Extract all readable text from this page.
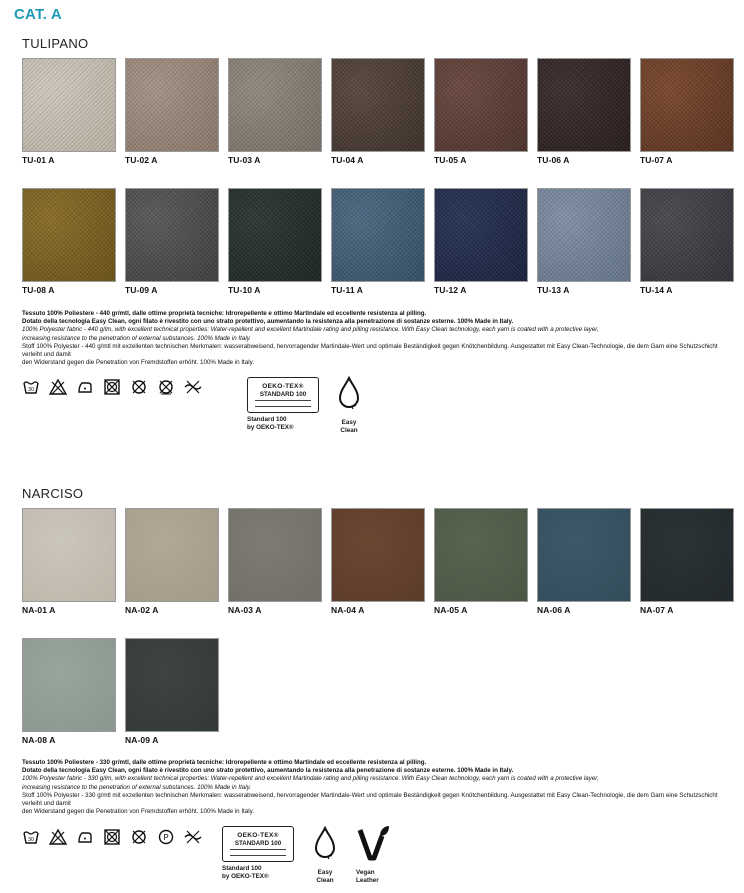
CAT. A
TULIPANO
TU-01 A	TU-02 A	TU-03 A	TU-04 A	TU-05 A	TU-06 A	TU-07 A
TU-08 A	TU-09 A	TU-10 A	TU-11 A	TU-12 A	TU-13 A	TU-14 A

Tessuto 100% Poliestere - 440 gr/mtl, dalle ottime proprietà tecniche: Idrorepellente e ottimo Martindale ed eccellente resistenza al pilling.

Dotato della tecnologia Easy Clean, ogni filato è rivestito con uno strato protettivo, aumentando la resistenza alla penetrazione di sostanze esterne. 100% Made in Italy.

100% Polyester fabric - 440 g/lm, with excellent technical properties: Water-repellent and excellent Martindale rating and pilling resistance. With Easy Clean technology, each yarn is coated with a protective layer,

increasing resistance to the penetration of external substances. 100% Made in Italy.

Stoff 100% Polyester - 440 g/mtl mit exzellenten technischen Merkmalen: wasserabweisend, hervorragender Martindale-Wert und optimale Beständigkeit gegen Knötchenbildung. Ausgestattet mit Easy Clean-Technologie, die dem Garn eine Schutzschicht verleiht und damit

den Widerstand gegen die Penetration von Fremdstoffen erhöht. 100% Made in Italy.

30	OEKO-TEX®
STANDARD 100
Standard 100
by OEKO-TEX®
Easy
Clean
NARCISO
NA-01 A	NA-02 A	NA-03 A	NA-04 A	NA-05 A	NA-06 A	NA-07 A
NA-08 A	NA-09 A

Tessuto 100% Poliestere - 330 gr/mtl, dalle ottime proprietà tecniche: Idrorepellente e ottimo Martindale ed eccellente resistenza al pilling.

Dotato della tecnologia Easy Clean, ogni filato è rivestito con uno strato protettivo, aumentando la resistenza alla penetrazione di sostanze esterne. 100% Made in Italy.

100% Polyester fabric - 330 g/lm, with excellent technical properties: Water-repellent and excellent Martindale rating and pilling resistance. With Easy Clean technology, each yarn is coated with a protective layer,

increasing resistance to the penetration of external substances. 100% Made in Italy.

Stoff 100% Polyester - 330 g/mtl mit exzellenten technischen Merkmalen: wasserabweisend, hervorragender Martindale-Wert und optimale Beständigkeit gegen Knötchenbildung. Ausgestattet mit Easy Clean-Technologie, die dem Garn eine Schutzschicht verleiht und damit

den Widerstand gegen die Penetration von Fremdstoffen erhöht. 100% Made in Italy.

30	P	OEKO-TEX®
STANDARD 100
Standard 100
by OEKO-TEX®	Easy
Clean
Vegan
Leather
